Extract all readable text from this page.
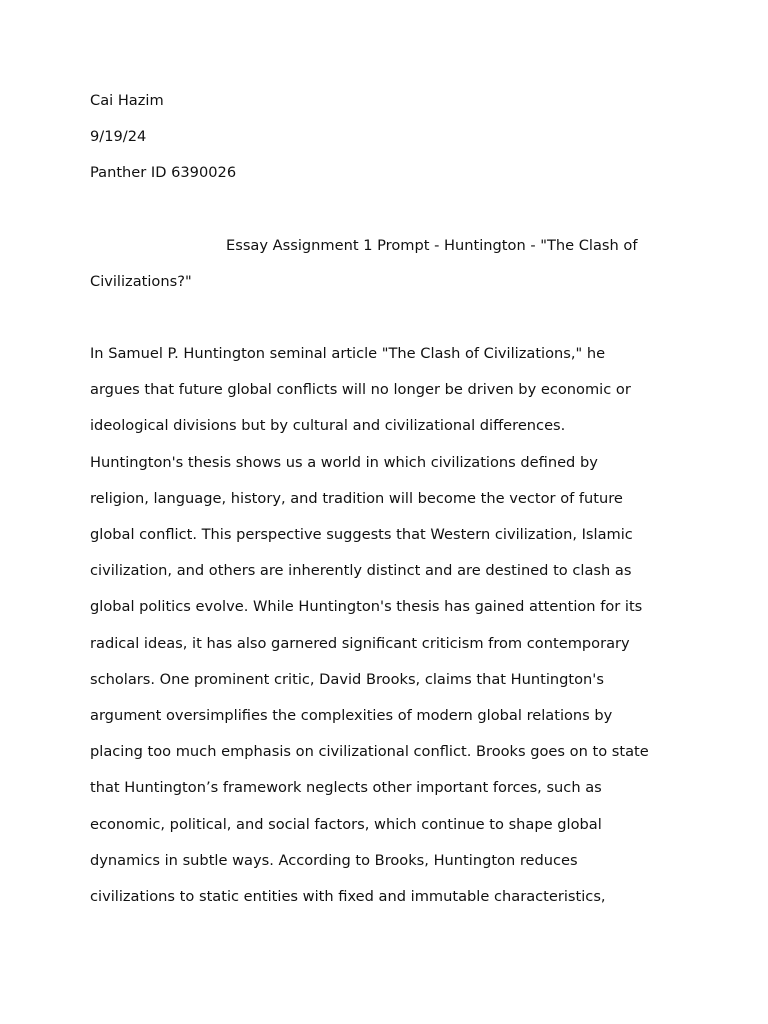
Cai Hazim
9/19/24
Panther ID 6390026
Essay Assignment 1 Prompt - Huntington - "The Clash of
Civilizations?"
In Samuel P. Huntington seminal article "The Clash of Civilizations," he
argues that future global conflicts will no longer be driven by economic or
ideological divisions but by cultural and civilizational differences.
Huntington's thesis shows us a world in which civilizations defined by
religion, language, history, and tradition will become the vector of future
global conflict. This perspective suggests that Western civilization, Islamic
civilization, and others are inherently distinct and are destined to clash as
global politics evolve. While Huntington's thesis has gained attention for its
radical ideas, it has also garnered significant criticism from contemporary
scholars. One prominent critic, David Brooks, claims that Huntington's
argument oversimplifies the complexities of modern global relations by
placing too much emphasis on civilizational conflict. Brooks goes on to state
that Huntington’s framework neglects other important forces, such as
economic, political, and social factors, which continue to shape global
dynamics in subtle ways. According to Brooks, Huntington reduces
civilizations to static entities with fixed and immutable characteristics,
